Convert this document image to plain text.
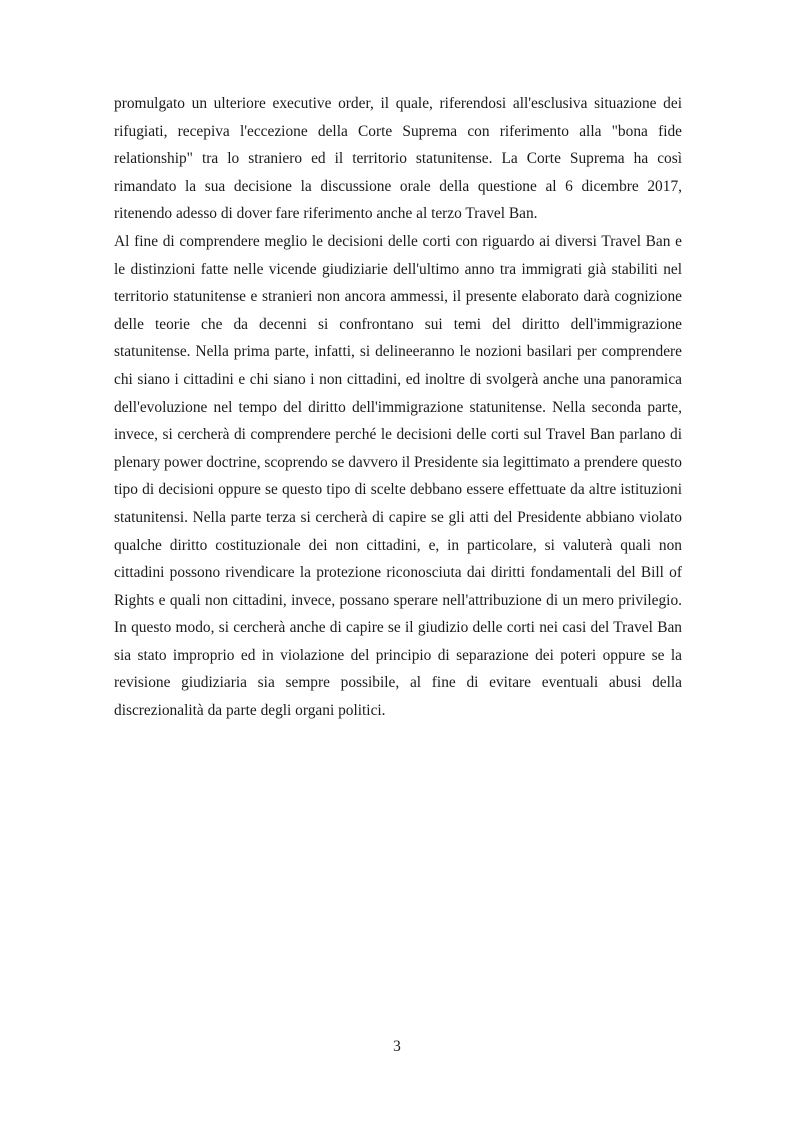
promulgato un ulteriore executive order, il quale, riferendosi all'esclusiva situazione dei rifugiati, recepiva l'eccezione della Corte Suprema con riferimento alla "bona fide relationship" tra lo straniero ed il territorio statunitense. La Corte Suprema ha così rimandato la sua decisione la discussione orale della questione al 6 dicembre 2017, ritenendo adesso di dover fare riferimento anche al terzo Travel Ban.

Al fine di comprendere meglio le decisioni delle corti con riguardo ai diversi Travel Ban e le distinzioni fatte nelle vicende giudiziarie dell'ultimo anno tra immigrati già stabiliti nel territorio statunitense e stranieri non ancora ammessi, il presente elaborato darà cognizione delle teorie che da decenni si confrontano sui temi del diritto dell'immigrazione statunitense. Nella prima parte, infatti, si delineeranno le nozioni basilari per comprendere chi siano i cittadini e chi siano i non cittadini, ed inoltre di svolgerà anche una panoramica dell'evoluzione nel tempo del diritto dell'immigrazione statunitense. Nella seconda parte, invece, si cercherà di comprendere perché le decisioni delle corti sul Travel Ban parlano di plenary power doctrine, scoprendo se davvero il Presidente sia legittimato a prendere questo tipo di decisioni oppure se questo tipo di scelte debbano essere effettuate da altre istituzioni statunitensi. Nella parte terza si cercherà di capire se gli atti del Presidente abbiano violato qualche diritto costituzionale dei non cittadini, e, in particolare, si valuterà quali non cittadini possono rivendicare la protezione riconosciuta dai diritti fondamentali del Bill of Rights e quali non cittadini, invece, possano sperare nell'attribuzione di un mero privilegio. In questo modo, si cercherà anche di capire se il giudizio delle corti nei casi del Travel Ban sia stato improprio ed in violazione del principio di separazione dei poteri oppure se la revisione giudiziaria sia sempre possibile, al fine di evitare eventuali abusi della discrezionalità da parte degli organi politici.

3
